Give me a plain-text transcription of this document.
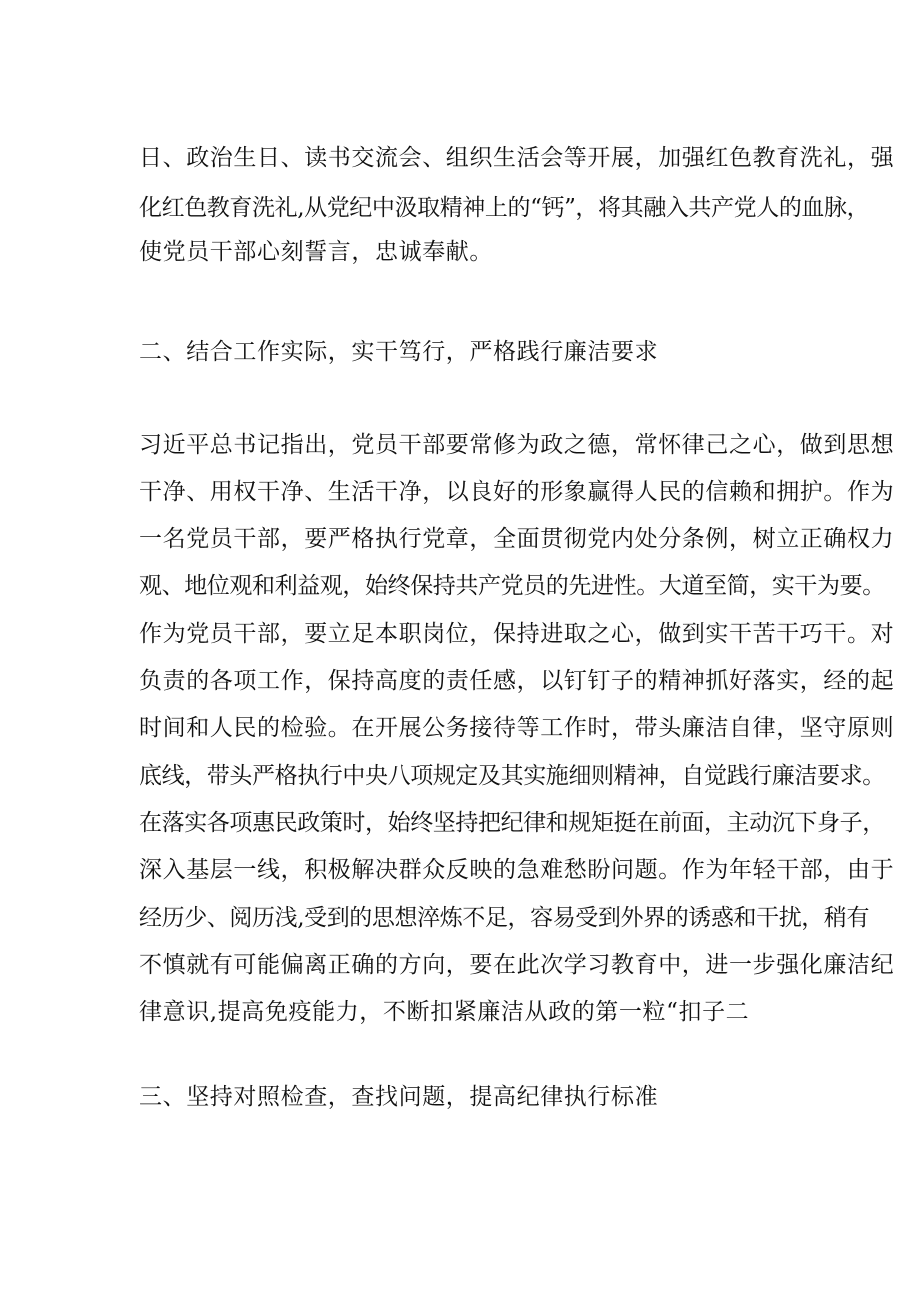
日、政治生日、读书交流会、组织生活会等开展，加强红色教育洗礼，强
化红色教育洗礼,从党纪中汲取精神上的“钙”，将其融入共产党人的血脉，
使党员干部心刻誓言，忠诚奉献。
二、结合工作实际，实干笃行，严格践行廉洁要求
习近平总书记指出，党员干部要常修为政之德，常怀律己之心，做到思想
干净、用权干净、生活干净，以良好的形象赢得人民的信赖和拥护。作为
一名党员干部，要严格执行党章，全面贯彻党内处分条例，树立正确权力
观、地位观和利益观，始终保持共产党员的先进性。大道至简，实干为要。
作为党员干部，要立足本职岗位，保持进取之心，做到实干苦干巧干。对
负责的各项工作，保持高度的责任感，以钉钉子的精神抓好落实，经的起
时间和人民的检验。在开展公务接待等工作时，带头廉洁自律，坚守原则
底线，带头严格执行中央八项规定及其实施细则精神，自觉践行廉洁要求。
在落实各项惠民政策时，始终坚持把纪律和规矩挺在前面，主动沉下身子，
深入基层一线，积极解决群众反映的急难愁盼问题。作为年轻干部，由于
经历少、阅历浅,受到的思想淬炼不足，容易受到外界的诱惑和干扰，稍有
不慎就有可能偏离正确的方向，要在此次学习教育中，进一步强化廉洁纪
律意识,提高免疫能力，不断扣紧廉洁从政的第一粒“扣子二
三、坚持对照检查，查找问题，提高纪律执行标准
